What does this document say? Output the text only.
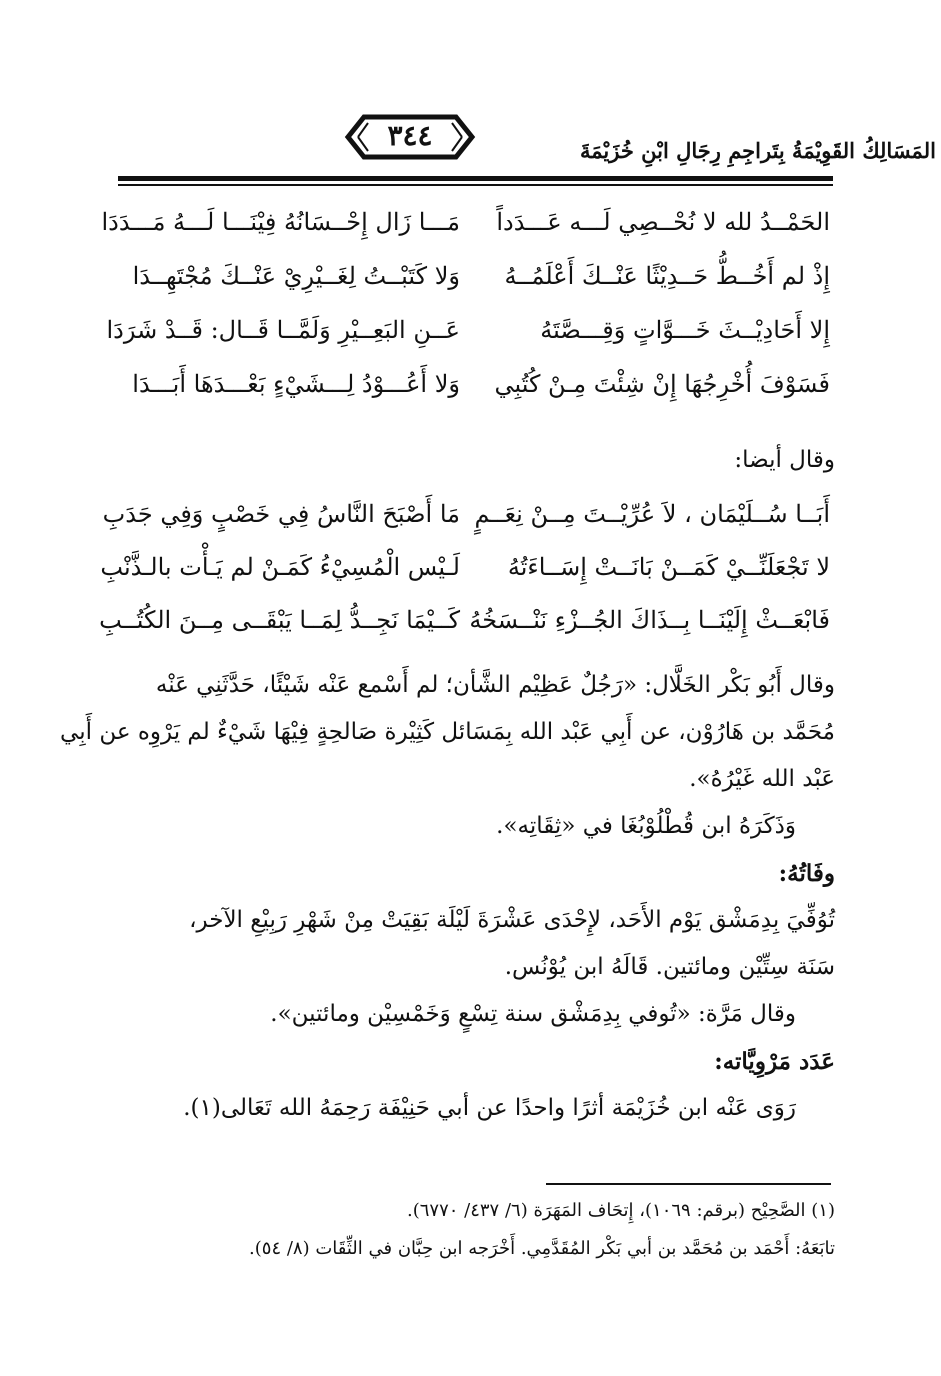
المَسَالِكُ القَوِيْمَةُ بِتَراجِمِ رِجَالِ ابْنِ خُزَيْمَةَ
٣٤٤
الحَمْــدُ لله لا نُحْــصِي لَـــه عَـــدَداً
مَـــا زَال إِحْــسَانُهُ فِيْنَـــا لَـــهُ مَـــدَدَا
إِذْ لم أَخُــطُّ حَــدِيْثًا عَنْــكَ أَعْلَمُــهُ
وَلا كَتَبْــتُ لِغَــيْرِيْ عَنْــكَ مُجْتَهِــدَا
إِلا أَحَادِيْــثَ خَـــوَّاتٍ وَقِـــصَّتَهُ
عَــنِ البَعِــيْرِ وَلَمَّــا قَــال: قَــدْ شَرَدَا
فَسَوْفَ أُخْرِجُهَا إِنْ شِئْتَ مِـنْ كُتُبِي
وَلا أَعُـــوْدُ لِـــشَيْءٍ بَعْـــدَهَا أَبَـــدَا
وقال أيضا:
أَبَــا سُــلَيْمَان ، لاَ عُرِّيْــتَ مِــنْ نِعَــمٍ
مَا أَصْبَحَ النَّاسُ فِي خَصْبٍ وَفِي جَدَبِ
لا تَجْعَلَنِّــيْ كَمَــنْ بَانَــتْ إِسَــاءَتُهُ
لَـيْس الْمُسِيْءُ كَمَـنْ لم يَـأْت بالـذَّنْبِ
فَابْعَــثْ إِلَيْنَــا بِــذَاكَ الجُــزْءِ نَنْــسَخُهُ
كَــيْمَا نَجِــدُّ لِمَــا يَبْقَــى مِــنَ الكُتُــبِ
وقال أَبُو بَكْر الخَلَّال: «رَجُلٌ عَظِيْم الشَّأن؛ لم أَسْمع عَنْه شَيْئًا، حَدَّثَنِي عَنْه
مُحَمَّد بن هَارُوْن، عن أَبِي عَبْد الله بِمَسَائل كَثِيْرة صَالحِةٍ فِيْهَا شَيْءٌ لم يَرْوِه عن أَبِي
عَبْد الله غَيْرُهُ».
وَذَكَرَهُ ابن قُطْلُوْبُغَا في «ثِقَاتِه».
وفَاتُهُ:
تُوُفِّيَ بِدِمَشْق يَوْم الأَحَد، لإِحْدَى عَشْرَةَ لَيْلَة بَقِيَتْ مِنْ شَهْرِ رَبِيْعِ الآخر،
سَنَة سِتِّيْن ومائتين. قَالَهُ ابن يُوْنُس.
وقال مَرَّة: «تُوفي بِدِمَشْق سنة تِسْعٍ وَخَمْسِيْن ومائتين».
عَدَد مَرْوِيَّاته:
رَوَى عَنْه ابن خُزَيْمَة أثرًا واحدًا عن أبي حَنِيْفَة رَحِمَهُ الله تَعَالى(١).
(١) الصَّحِيْح (برقم: ١٠٦٩)، إِتحَاف المَهَرَة (٦/ ٤٣٧/ ٦٧٧٠).
تابَعَهُ: أَحْمَد بن مُحَمَّد بن أبي بَكْر المُقَدَّمِي. أَخْرَجه ابن حِبَّان في الثِّقَات (٨/ ٥٤).
